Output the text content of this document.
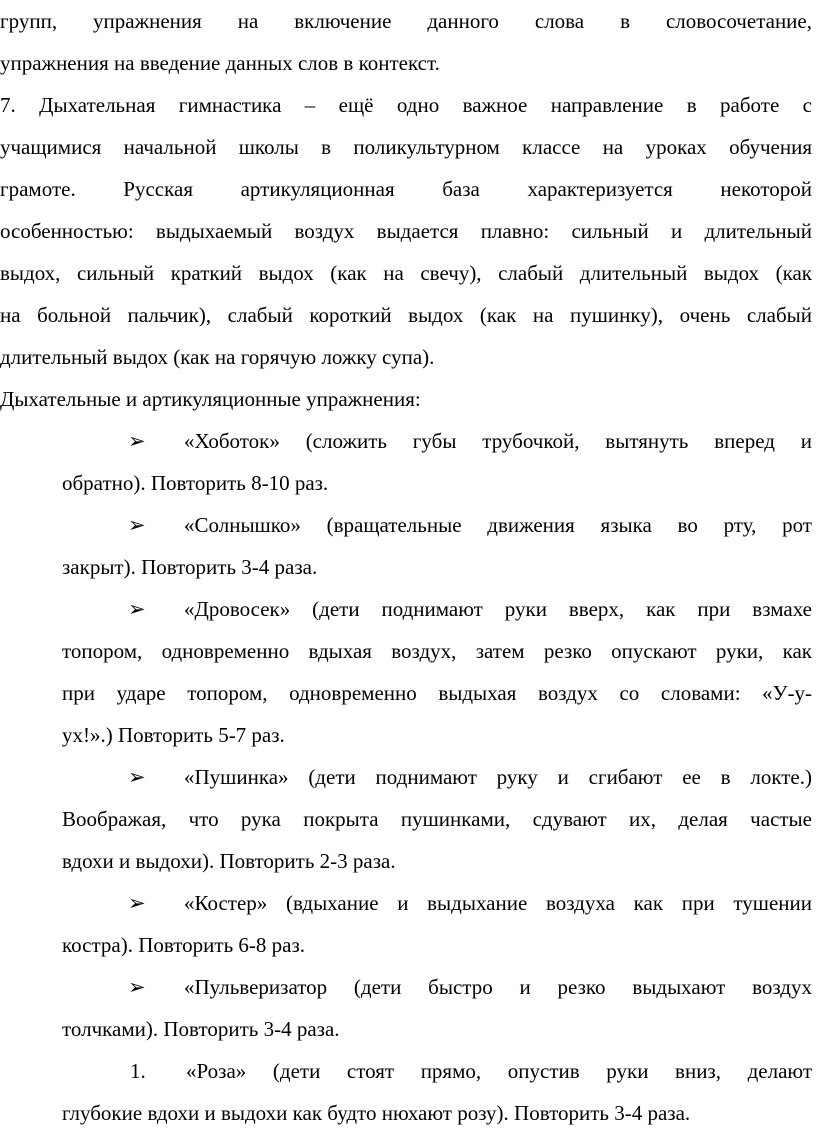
групп, упражнения на включение данного слова в словосочетание,
упражнения на введение данных слов в контекст.
7. Дыхательная гимнастика – ещё одно важное направление в работе с
учащимися начальной школы в поликультурном классе на уроках обучения
грамоте. Русская артикуляционная база характеризуется некоторой
особенностью: выдыхаемый воздух выдается плавно: сильный и длительный
выдох, сильный краткий выдох (как на свечу), слабый длительный выдох (как
на больной пальчик), слабый короткий выдох (как на пушинку), очень слабый
длительный выдох (как на горячую ложку супа).
Дыхательные и артикуляционные упражнения:
➢ «Хоботок» (сложить губы трубочкой, вытянуть вперед и
обратно). Повторить 8-10 раз.
➢ «Солнышко» (вращательные движения языка во рту, рот
закрыт). Повторить 3-4 раза.
➢ «Дровосек» (дети поднимают руки вверх, как при взмахе
топором, одновременно вдыхая воздух, затем резко опускают руки, как
при ударе топором, одновременно выдыхая воздух со словами: «У-у-
ух!».) Повторить 5-7 раз.
➢ «Пушинка» (дети поднимают руку и сгибают ее в локте.)
Воображая, что рука покрыта пушинками, сдувают их, делая частые
вдохи и выдохи). Повторить 2-3 раза.
➢ «Костер» (вдыхание и выдыхание воздуха как при тушении
костра). Повторить 6-8 раз.
➢ «Пульверизатор (дети быстро и резко выдыхают воздух
толчками). Повторить 3-4 раза.
1. «Роза» (дети стоят прямо, опустив руки вниз, делают
глубокие вдохи и выдохи как будто нюхают розу). Повторить 3-4 раза.
